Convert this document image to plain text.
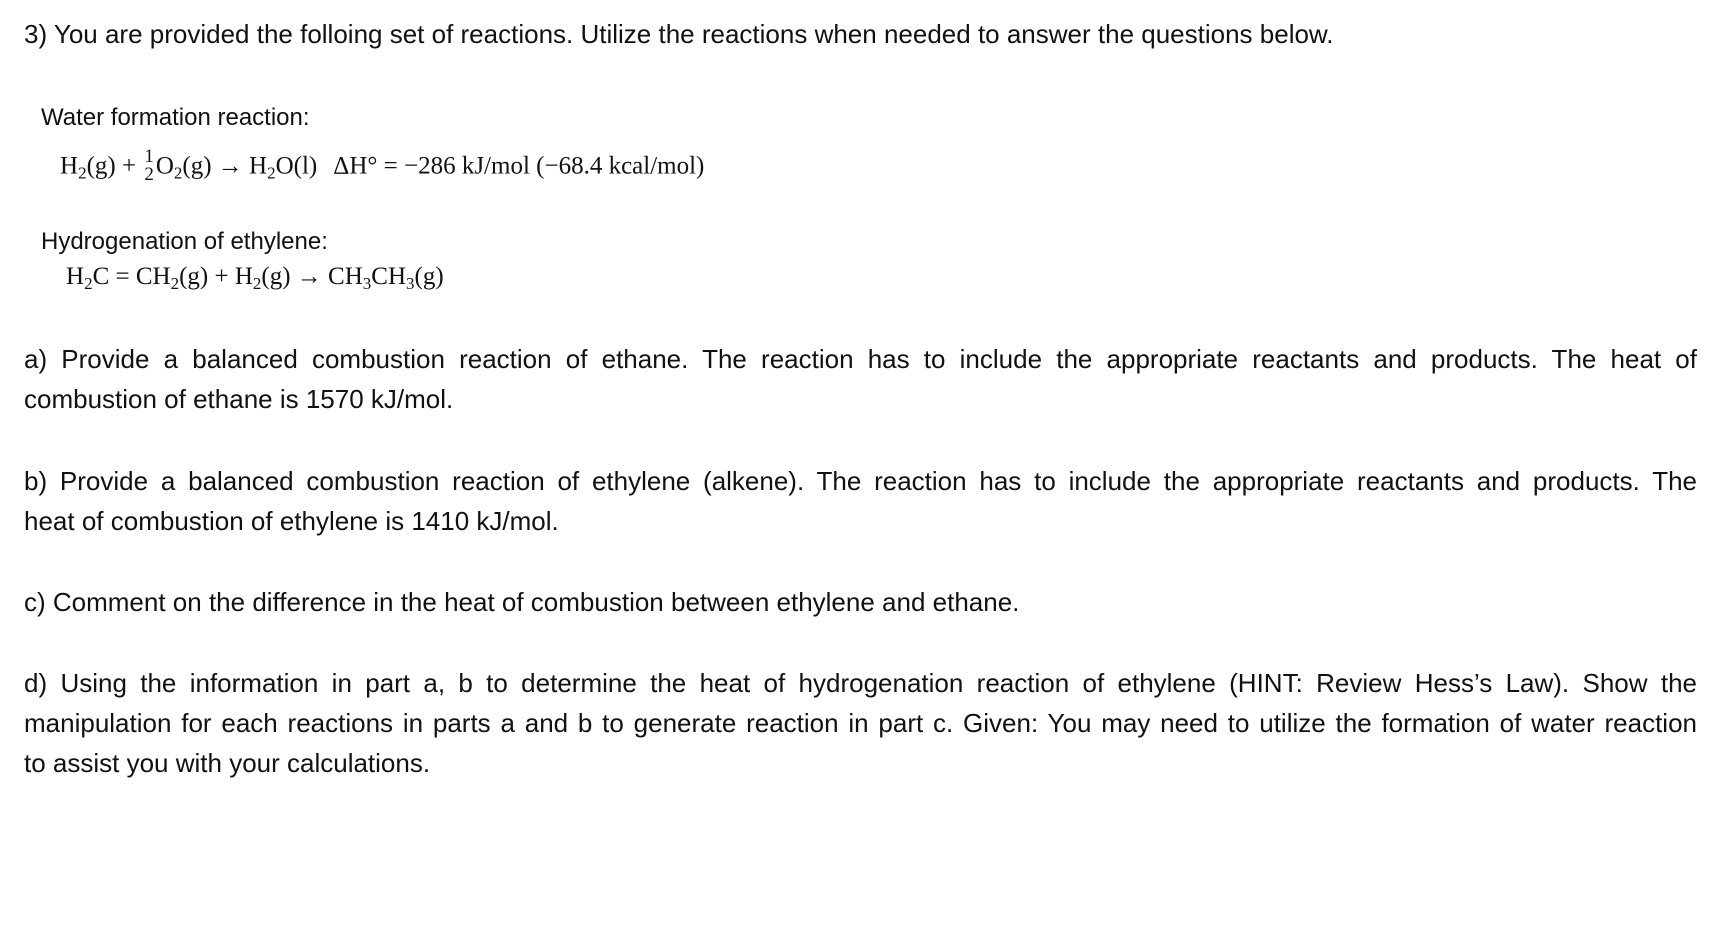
3) You are provided the folloing set of reactions. Utilize the reactions when needed to answer the questions below.
Water formation reaction:
$H_2(g) + 1$
2 $O_2(g) \to H_2O(l) \Delta H^\circ = -286$ kJ/mol (−68.4 kcal/mol)
Hydrogenation of ethylene:
$H_2C = CH_2(g) + H_2(g) \to CH_3CH_3(g)$
a) Provide a balanced combustion reaction of ethane. The reaction has to include the appropriate reactants and products. The heat of
combustion of ethane is 1570 kJ/mol.
b) Provide a balanced combustion reaction of ethylene (alkene). The reaction has to include the appropriate reactants and products. The
heat of combustion of ethylene is 1410 kJ/mol.
c) Comment on the difference in the heat of combustion between ethylene and ethane.
d) Using the information in part a, b to determine the heat of hydrogenation reaction of ethylene (HINT: Review Hess’s Law). Show the
manipulation for each reactions in parts a and b to generate reaction in part c. Given: You may need to utilize the formation of water reaction
to assist you with your calculations.
